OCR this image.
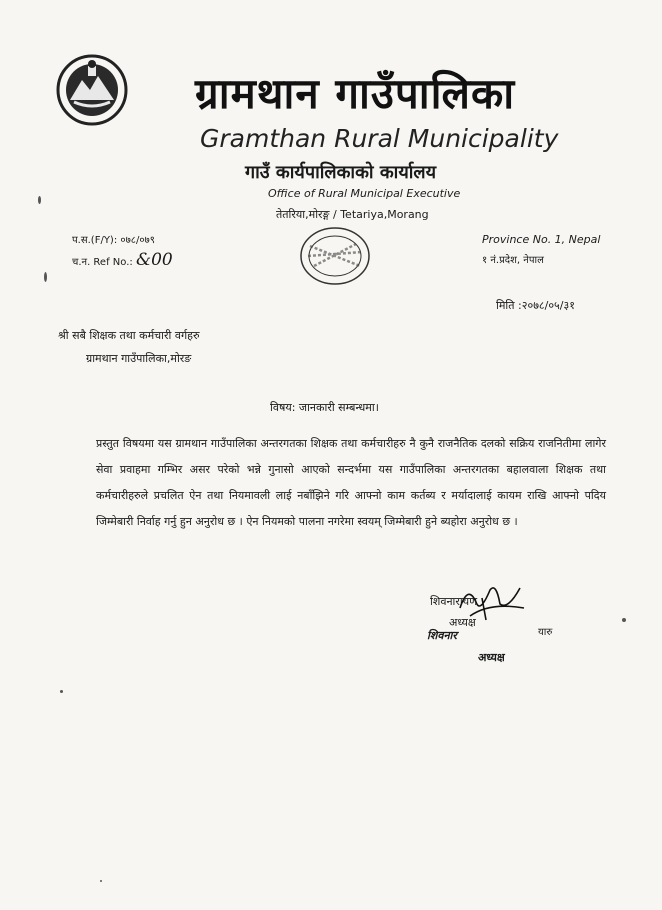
ग्रामथान गाउँपालिका
Gramthan Rural Municipality
गाउँ कार्यपालिकाको कार्यालय
Office of Rural Municipal Executive
तेतरिया,मोरङ्ग / Tetariya,Morang
प.स.(F/Y): ०७८/०७९
च.न. Ref No.: &00
Province No. 1, Nepal
१ नं.प्रदेश, नेपाल
मिति :२०७८/०५/३१
श्री सबै शिक्षक तथा कर्मचारी वर्गहरु
ग्रामथान गाउँपालिका,मोरङ
विषय: जानकारी सम्बन्धमा।
प्रस्तुत विषयमा यस ग्रामथान गाउँपालिका अन्तरगतका शिक्षक तथा कर्मचारीहरु नै कुनै राजनैतिक दलको सक्रिय राजनितीमा लागेर सेवा प्रवाहमा गम्भिर असर परेको भन्ने गुनासो आएको सन्दर्भमा यस गाउँपालिका अन्तरगतका बहालवाला शिक्षक तथा कर्मचारीहरुले प्रचलित ऐन तथा नियमावली लाई नबाँझिने गरि आफ्नो काम कर्तब्य र मर्यादालाई कायम राखि आफ्नो पदिय जिम्मेबारी निर्वाह गर्नु हुन अनुरोध छ । ऐन नियमको पालना नगरेमा स्वयम् जिम्मेबारी हुने ब्यहोरा अनुरोध छ ।
शिवनारायण
अध्यक्ष
शिवनार	यारु
अध्यक्ष
